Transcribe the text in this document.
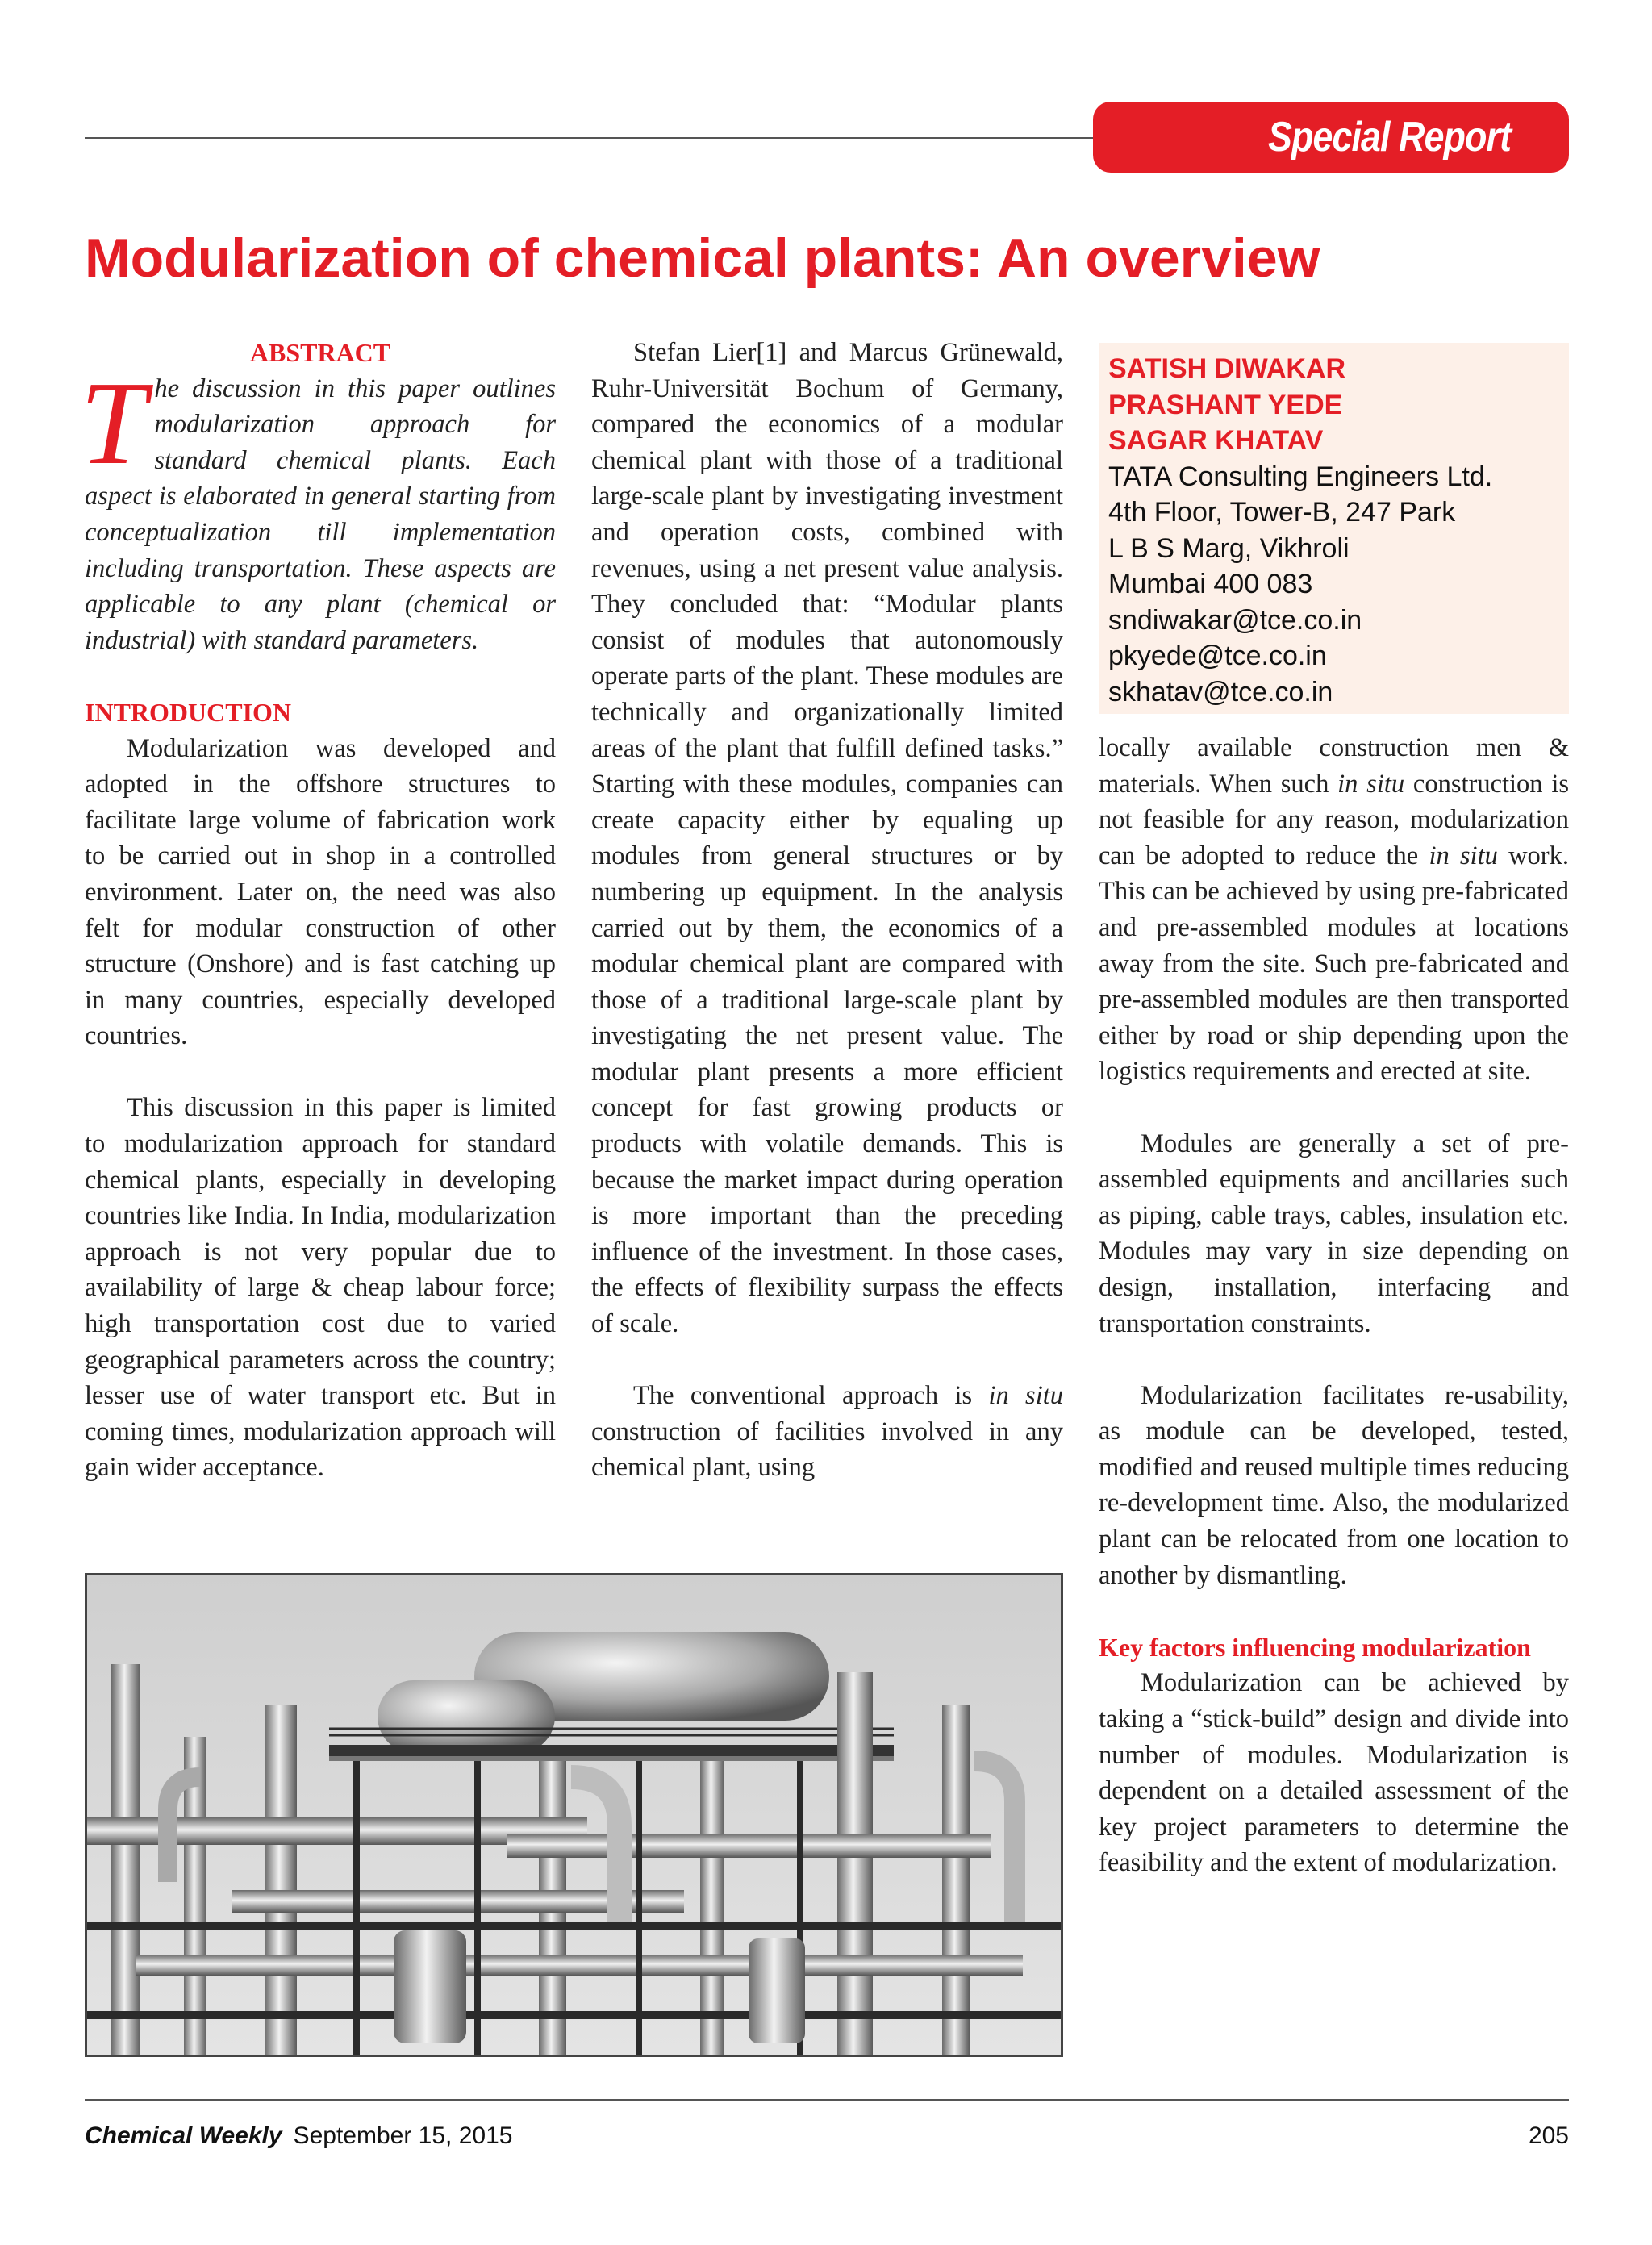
Special Report
Modularization of chemical plants: An overview

ABSTRACT

The discussion in this paper outlines modularization approach for standard chemical plants. Each aspect is elaborated in general starting from conceptualization till implementation including transportation. These aspects are applicable to any plant (chemical or industrial) with standard parameters.

INTRODUCTION

Modularization was developed and adopted in the offshore structures to facilitate large volume of fabrication work to be carried out in shop in a controlled environment. Later on, the need was also felt for modular construction of other structure (Onshore) and is fast catching up in many countries, especially developed countries.

This discussion in this paper is limited to modularization approach for standard chemical plants, especially in developing countries like India. In India, modularization approach is not very popular due to availability of large & cheap labour force; high transportation cost due to varied geographical parameters across the country; lesser use of water transport etc. But in coming times, modularization approach will gain wider acceptance.

Stefan Lier[1] and Marcus Grünewald, Ruhr-Universität Bochum of Germany, compared the economics of a modular chemical plant with those of a traditional large-scale plant by investigating investment and operation costs, combined with revenues, using a net present value analysis. They concluded that: “Modular plants consist of modules that autonomously operate parts of the plant. These modules are technically and organizationally limited areas of the plant that fulfill defined tasks.” Starting with these modules, companies can create capacity either by equaling up modules from general structures or by numbering up equipment. In the analysis carried out by them, the economics of a modular chemical plant are compared with those of a traditional large-scale plant by investigating the net present value. The modular plant presents a more efficient concept for fast growing products or products with volatile demands. This is because the market impact during operation is more important than the preceding influence of the investment. In those cases, the effects of flexibility surpass the effects of scale.

The conventional approach is in situ construction of facilities involved in any chemical plant, using

SATISH DIWAKAR
PRASHANT YEDE
SAGAR KHATAV
TATA Consulting Engineers Ltd.
4th Floor, Tower-B, 247 Park
L B S Marg, Vikhroli
Mumbai 400 083
sndiwakar@tce.co.in
pkyede@tce.co.in
skhatav@tce.co.in

locally available construction men & materials. When such in situ construction is not feasible for any reason, modularization can be adopted to reduce the in situ work. This can be achieved by using pre-fabricated and pre-assembled modules at locations away from the site. Such pre-fabricated and pre-assembled modules are then transported either by road or ship depending upon the logistics requirements and erected at site.

Modules are generally a set of pre-assembled equipments and ancillaries such as piping, cable trays, cables, insulation etc. Modules may vary in size depending on design, installation, interfacing and transportation constraints.

Modularization facilitates re-usability, as module can be developed, tested, modified and reused multiple times reducing re-development time. Also, the modularized plant can be relocated from one location to another by dismantling.

Key factors influencing modularization

Modularization can be achieved by taking a “stick-build” design and divide into number of modules. Modularization is dependent on a detailed assessment of the key project parameters to determine the feasibility and the extent of modularization.

Chemical Weekly September 15, 2015	205
